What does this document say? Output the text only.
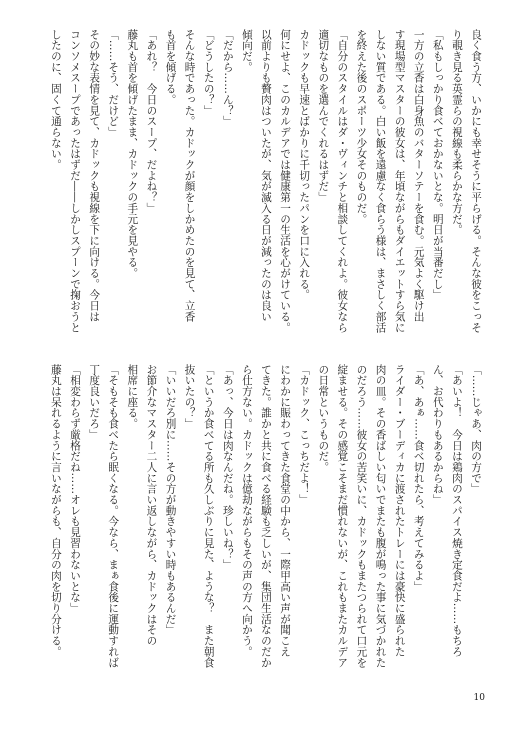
良く食う方、いかにも幸せそうに平らげる。そんな彼をこっそ
り覗き見る英霊らの視線も柔らかな方だ。
「私もしっかり食べておかないとな。明日が当番だし」
一方の立香は白身魚のバターソテーを食む。元気よく駆け出
す現場型マスターの彼女は、年頃ながらもダイエットすら気に
しない質である。白い飯を遠慮なく食らう様は、まさしく部活
を終えた後のスポーツ少女そのものだ。
「自分のスタイルはダ・ヴィンチと相談してくれよ。彼女なら
適切なものを選んでくれるはずだ」
カドックも早速とばかりに千切ったパンを口に入れる。
何にせよ、このカルデアでは健康第一の生活を心がけている。
以前よりも贅肉はついたが、気が滅入る日が減ったのは良い
傾向だ。
「だから……ん？」
「どうしたの？」
そんな時であった。カドックが顔をしかめたのを見て、立香
も首を傾げる。
「あれ？　今日のスープ、だよね？」
藤丸も首を傾げたまま、カドックの手元を見やる。
「……そう、だけど」
その妙な表情を見て、カドックも視線を下に向ける。今日は
コンソメスープであったはずだ――しかしスプーンで掬おうと
したのに、固くて通らない。
「……じゃあ、肉の方で」
「あいよ！　今日は鶏肉のスパイス焼き定食だよ……もちろ
ん、お代わりもあるからね」
「あ、あぁ……食べ切れたら、考えてみるよ」
ライダー・ブーディカに渡されたトレーには豪快に盛られた
肉の皿。その香ばしい匂いでまたも腹が鳴った事に気づかれた
のだろう……彼女の苦笑いに、カドックもまたつられて口元を
綻ませる。その感覚こそまだ慣れないが、これもまたカルデア
の日常というものだ。
「カドック、こっちだよ！」
にわかに賑わってきた食堂の中から、一際甲高い声が聞こえ
てきた。誰かと共に食べる経験も乏しいが、集団生活なのだか
ら仕方ない。カドックは億劫ながらもその声の方へ向かう。
「あっ、今日は肉なんだね。珍しいね？」
「というか食べてる所も久しぶりに見た、ような？　また朝食
抜いたの？」
「いいだろ別に……その方が動きやすい時もあるんだ」
お節介なマスター二人に言い返しながら、カドックはその
相席に座る。
「そもそも食べたら眠くなる。今なら、まぁ食後に運動すれば
丁度良いだろ」
「相変わらず厳格だね……オレも見習わないとな」
藤丸は呆れるように言いながらも、自分の肉を切り分ける。
10
